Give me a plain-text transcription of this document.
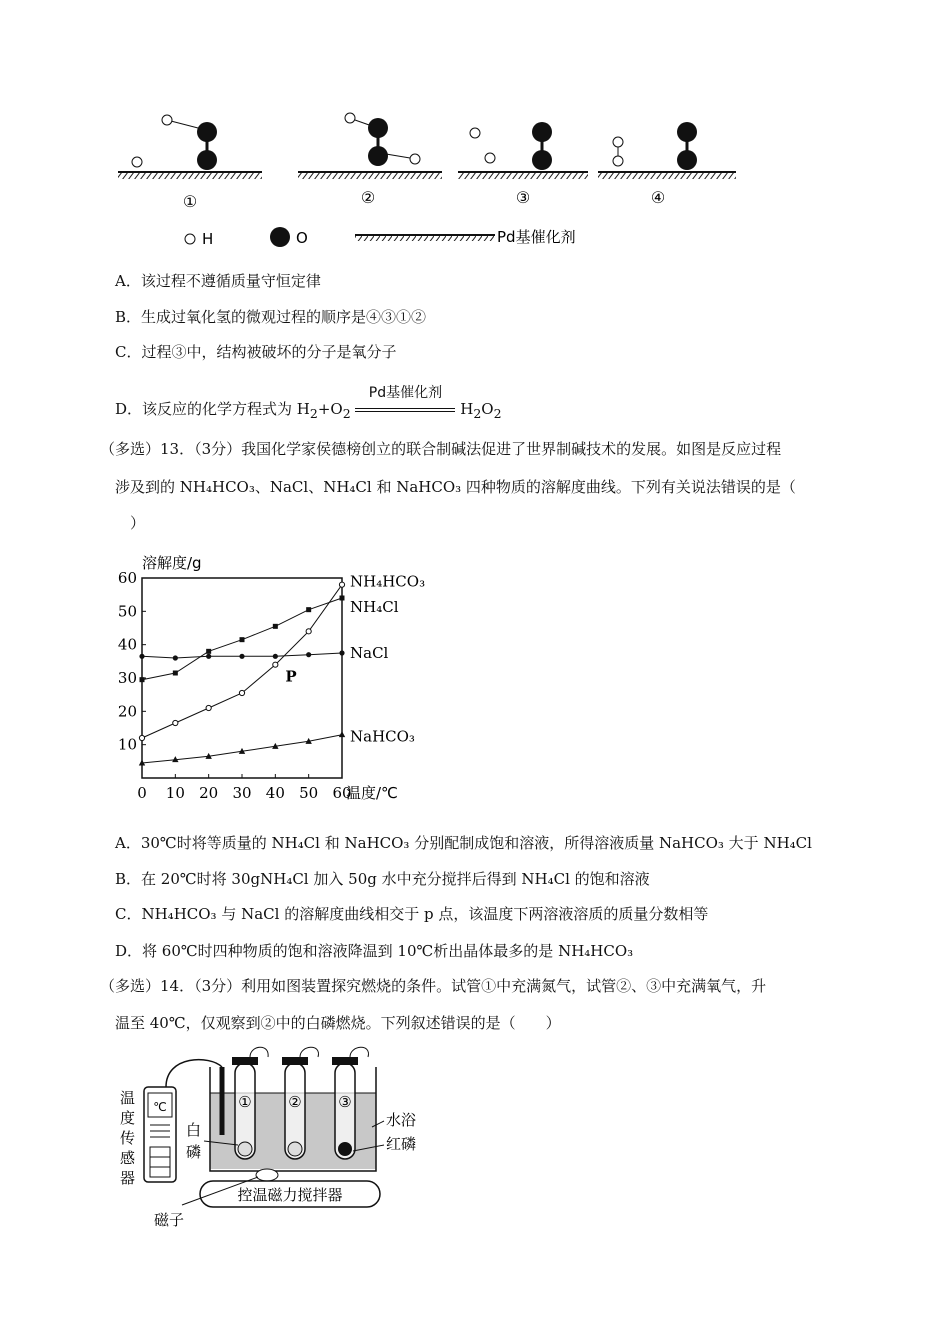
①	②	③	④
H	O	Pd基催化剂
A．该过程不遵循质量守恒定律
B．生成过氧化氢的微观过程的顺序是④③①②
C．过程③中，结构被破坏的分子是氧分子
D．该反应的化学方程式为 $H_2+O_2$
Pd基催化剂
$H_2O_2$
（多选）13．（3分）我国化学家侯德榜创立的联合制碱法促进了世界制碱技术的发展。如图是反应过程
涉及到的 NH₄HCO₃、NaCl、NH₄Cl 和 NaHCO₃ 四种物质的溶解度曲线。下列有关说法错误的是（
）
溶解度/g
温度/℃
0 10 20 30 40 50 60
10
20
30
40
50
60	NH₄HCO₃
NH₄Cl
NaCl
NaHCO₃
P
A．30℃时将等质量的 NH₄Cl 和 NaHCO₃ 分别配制成饱和溶液，所得溶液质量 NaHCO₃ 大于 NH₄Cl
B．在 20℃时将 30gNH₄Cl 加入 50g 水中充分搅拌后得到 NH₄Cl 的饱和溶液
C．NH₄HCO₃ 与 NaCl 的溶解度曲线相交于 p 点，该温度下两溶液溶质的质量分数相等
D．将 60℃时四种物质的饱和溶液降温到 10℃析出晶体最多的是 NH₄HCO₃
（多选）14．（3分）利用如图装置探究燃烧的条件。试管①中充满氮气，试管②、③中充满氧气，升
温至 40℃，仅观察到②中的白磷燃烧。下列叙述错误的是（　　）
℃
温
度
传
感
器
① ② ③
白
磷
水浴
红磷
控温磁力搅拌器
磁子
